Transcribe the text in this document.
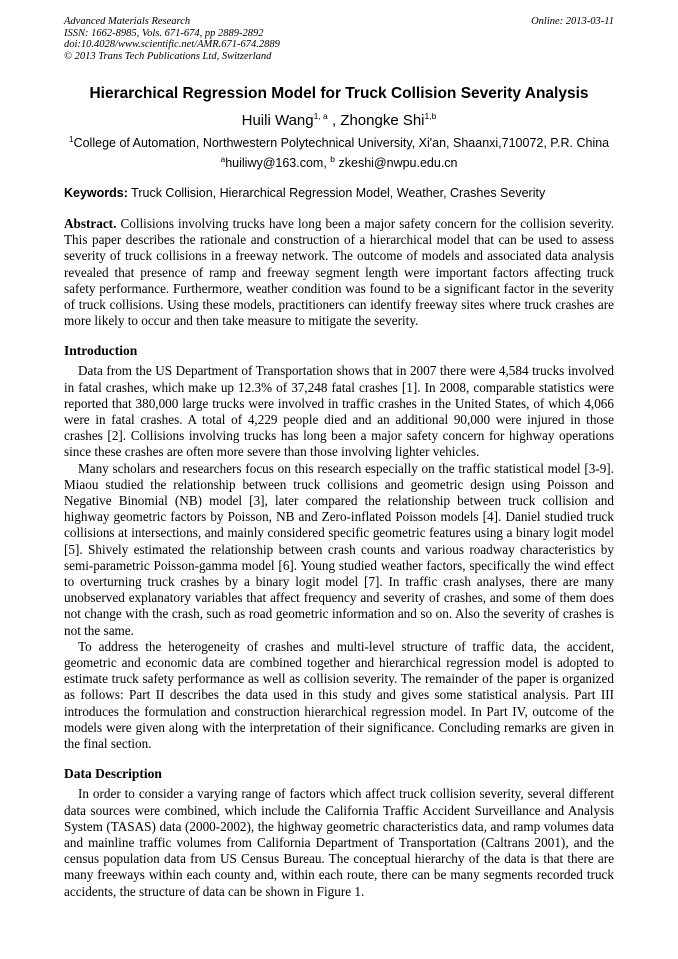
Advanced Materials Research
ISSN: 1662-8985, Vols. 671-674, pp 2889-2892
doi:10.4028/www.scientific.net/AMR.671-674.2889
© 2013 Trans Tech Publications Ltd, Switzerland
Online: 2013-03-11
Hierarchical Regression Model for Truck Collision Severity Analysis
Huili Wang$^{1, a}$ , Zhongke Shi$^{1,b}$
$^1$College of Automation, Northwestern Polytechnical University, Xi'an, Shaanxi,710072, P.R. China
$^a$huiliwy@163.com, $^b$ zkeshi@nwpu.edu.cn
Keywords: Truck Collision, Hierarchical Regression Model, Weather, Crashes Severity
Abstract. Collisions involving trucks have long been a major safety concern for the collision severity. This paper describes the rationale and construction of a hierarchical model that can be used to assess severity of truck collisions in a freeway network. The outcome of models and associated data analysis revealed that presence of ramp and freeway segment length were important factors affecting truck safety performance. Furthermore, weather condition was found to be a significant factor in the severity of truck collisions. Using these models, practitioners can identify freeway sites where truck crashes are more likely to occur and then take measure to mitigate the severity.
Introduction
Data from the US Department of Transportation shows that in 2007 there were 4,584 trucks involved in fatal crashes, which make up 12.3% of 37,248 fatal crashes [1]. In 2008, comparable statistics were reported that 380,000 large trucks were involved in traffic crashes in the United States, of which 4,066 were in fatal crashes. A total of 4,229 people died and an additional 90,000 were injured in those crashes [2]. Collisions involving trucks has long been a major safety concern for highway operations since these crashes are often more severe than those involving lighter vehicles.
Many scholars and researchers focus on this research especially on the traffic statistical model [3-9]. Miaou studied the relationship between truck collisions and geometric design using Poisson and Negative Binomial (NB) model [3], later compared the relationship between truck collision and highway geometric factors by Poisson, NB and Zero-inflated Poisson models [4]. Daniel studied truck collisions at intersections, and mainly considered specific geometric features using a binary logit model [5]. Shively estimated the relationship between crash counts and various roadway characteristics by semi-parametric Poisson-gamma model [6]. Young studied weather factors, specifically the wind effect to overturning truck crashes by a binary logit model [7]. In traffic crash analyses, there are many unobserved explanatory variables that affect frequency and severity of crashes, and some of them does not change with the crash, such as road geometric information and so on. Also the severity of crashes is not the same.
To address the heterogeneity of crashes and multi-level structure of traffic data, the accident, geometric and economic data are combined together and hierarchical regression model is adopted to estimate truck safety performance as well as collision severity. The remainder of the paper is organized as follows: Part II describes the data used in this study and gives some statistical analysis. Part III introduces the formulation and construction hierarchical regression model. In Part IV, outcome of the models were given along with the interpretation of their significance. Concluding remarks are given in the final section.
Data Description
In order to consider a varying range of factors which affect truck collision severity, several different data sources were combined, which include the California Traffic Accident Surveillance and Analysis System (TASAS) data (2000-2002), the highway geometric characteristics data, and ramp volumes data and mainline traffic volumes from California Department of Transportation (Caltrans 2001), and the census population data from US Census Bureau. The conceptual hierarchy of the data is that there are many freeways within each county and, within each route, there can be many segments recorded truck accidents, the structure of data can be shown in Figure 1.
